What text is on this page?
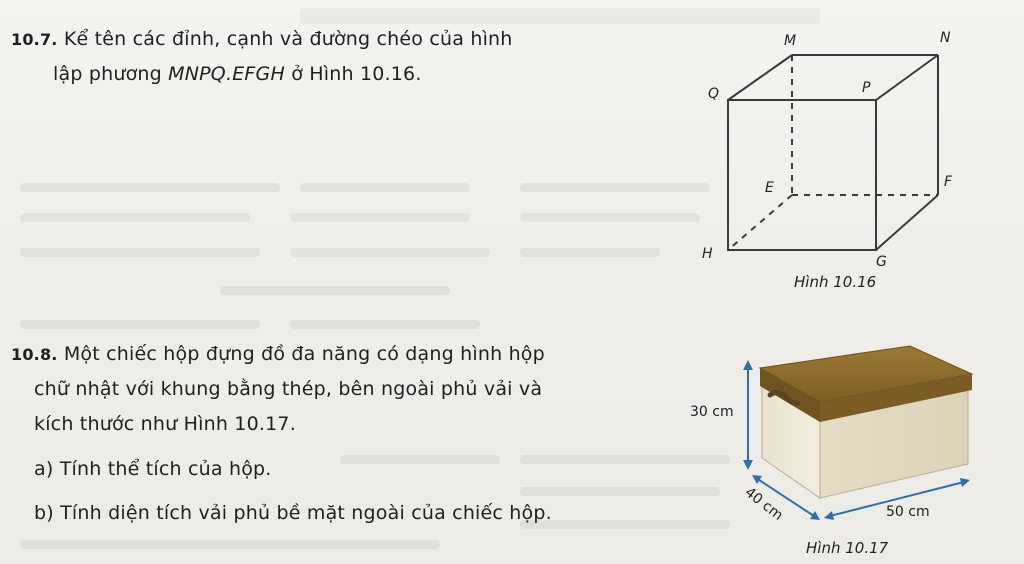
10.7. Kể tên các đỉnh, cạnh và đường chéo của hình
lập phương MNPQ.EFGH ở Hình 10.16.
M	N
Q	P
E	F
H	G
Hình 10.16
10.8. Một chiếc hộp đựng đồ đa năng có dạng hình hộp
chữ nhật với khung bằng thép, bên ngoài phủ vải và
kích thước như Hình 10.17.
a) Tính thể tích của hộp.
b) Tính diện tích vải phủ bề mặt ngoài của chiếc hộp.
30 cm
40 cm	50 cm
Hình 10.17
